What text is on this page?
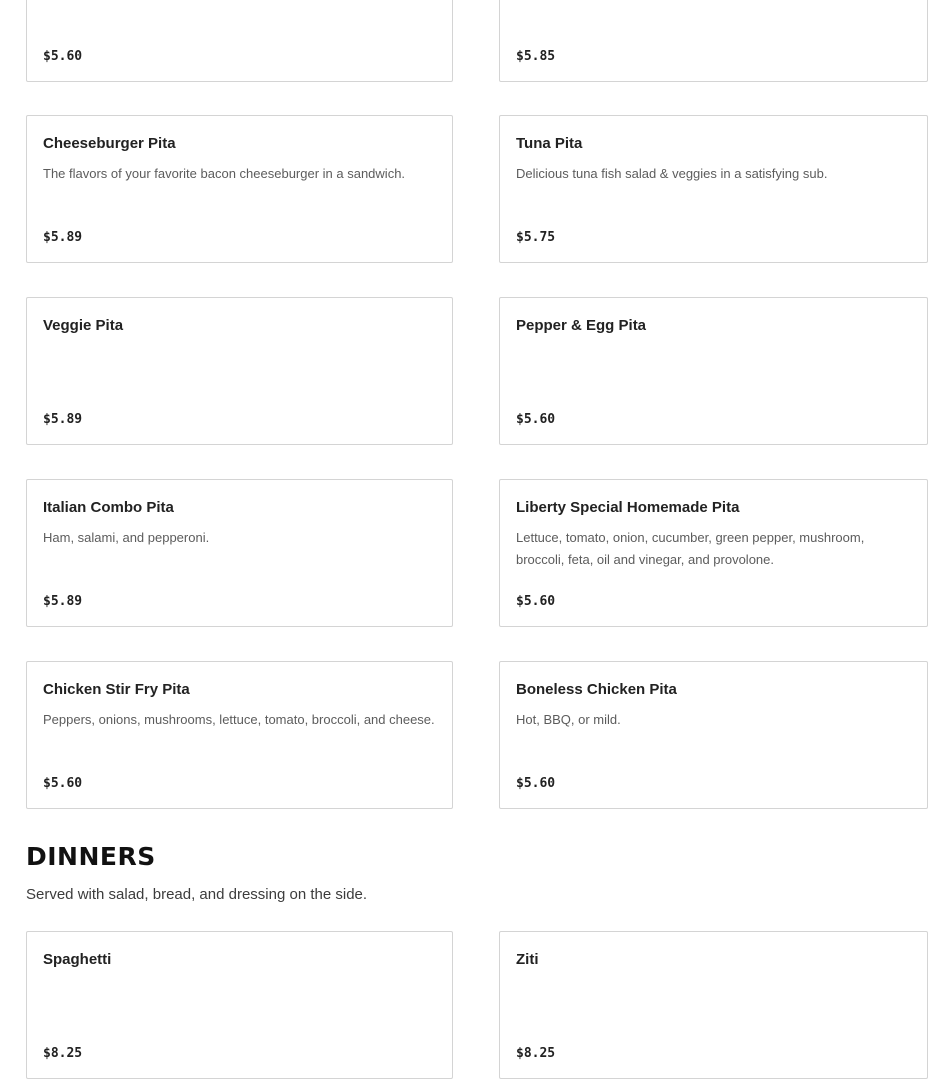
$5.60	$5.85
Cheeseburger Pita
The flavors of your favorite bacon cheeseburger in a sandwich.
$5.89
Tuna Pita
Delicious tuna fish salad & veggies in a satisfying sub.
$5.75
Veggie Pita
$5.89
Pepper & Egg Pita
$5.60
Italian Combo Pita
Ham, salami, and pepperoni.
$5.89
Liberty Special Homemade Pita
Lettuce, tomato, onion, cucumber, green pepper, mushroom, broccoli, feta, oil and vinegar, and provolone.
$5.60
Chicken Stir Fry Pita
Peppers, onions, mushrooms, lettuce, tomato, broccoli, and cheese.
$5.60
Boneless Chicken Pita
Hot, BBQ, or mild.
$5.60
DINNERS

Served with salad, bread, and dressing on the side.

Spaghetti
$8.25
Ziti
$8.25
